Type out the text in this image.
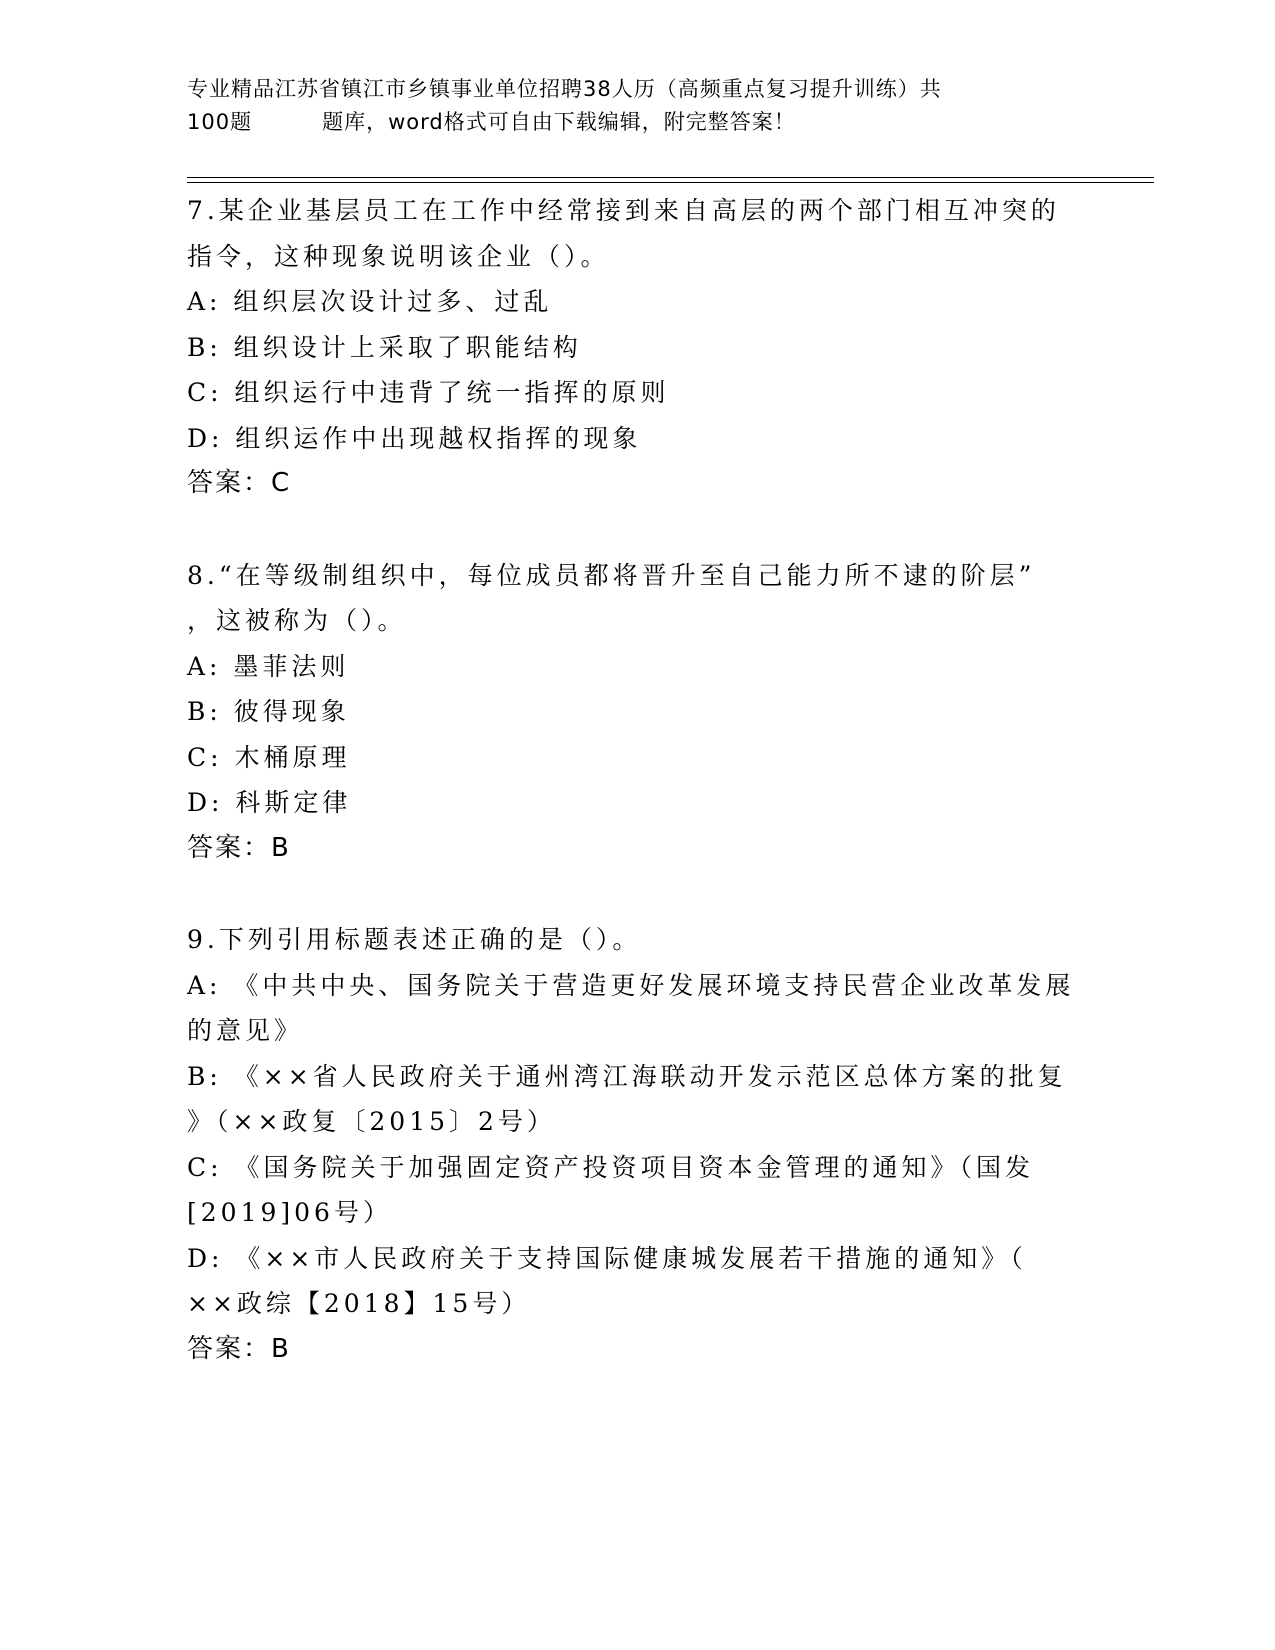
专业精品江苏省镇江市乡镇事业单位招聘38人历（高频重点复习提升训练）共
100题	题库，word格式可自由下载编辑，附完整答案！
7.某企业基层员工在工作中经常接到来自高层的两个部门相互冲突的
指令，这种现象说明该企业（）。
A: 组织层次设计过多、过乱
B: 组织设计上采取了职能结构
C: 组织运行中违背了统一指挥的原则
D: 组织运作中出现越权指挥的现象
答案：C
8.“在等级制组织中，每位成员都将晋升至自己能力所不逮的阶层”
，这被称为（）。
A: 墨菲法则
B: 彼得现象
C: 木桶原理
D: 科斯定律
答案：B
9.下列引用标题表述正确的是（）。
A: 《中共中央、国务院关于营造更好发展环境支持民营企业改革发展
的意见》
B: 《××省人民政府关于通州湾江海联动开发示范区总体方案的批复
》（××政复〔2015〕2号）
C: 《国务院关于加强固定资产投资项目资本金管理的通知》（国发
[2019]06号）
D: 《××市人民政府关于支持国际健康城发展若干措施的通知》（
××政综【2018】15号）
答案：B
